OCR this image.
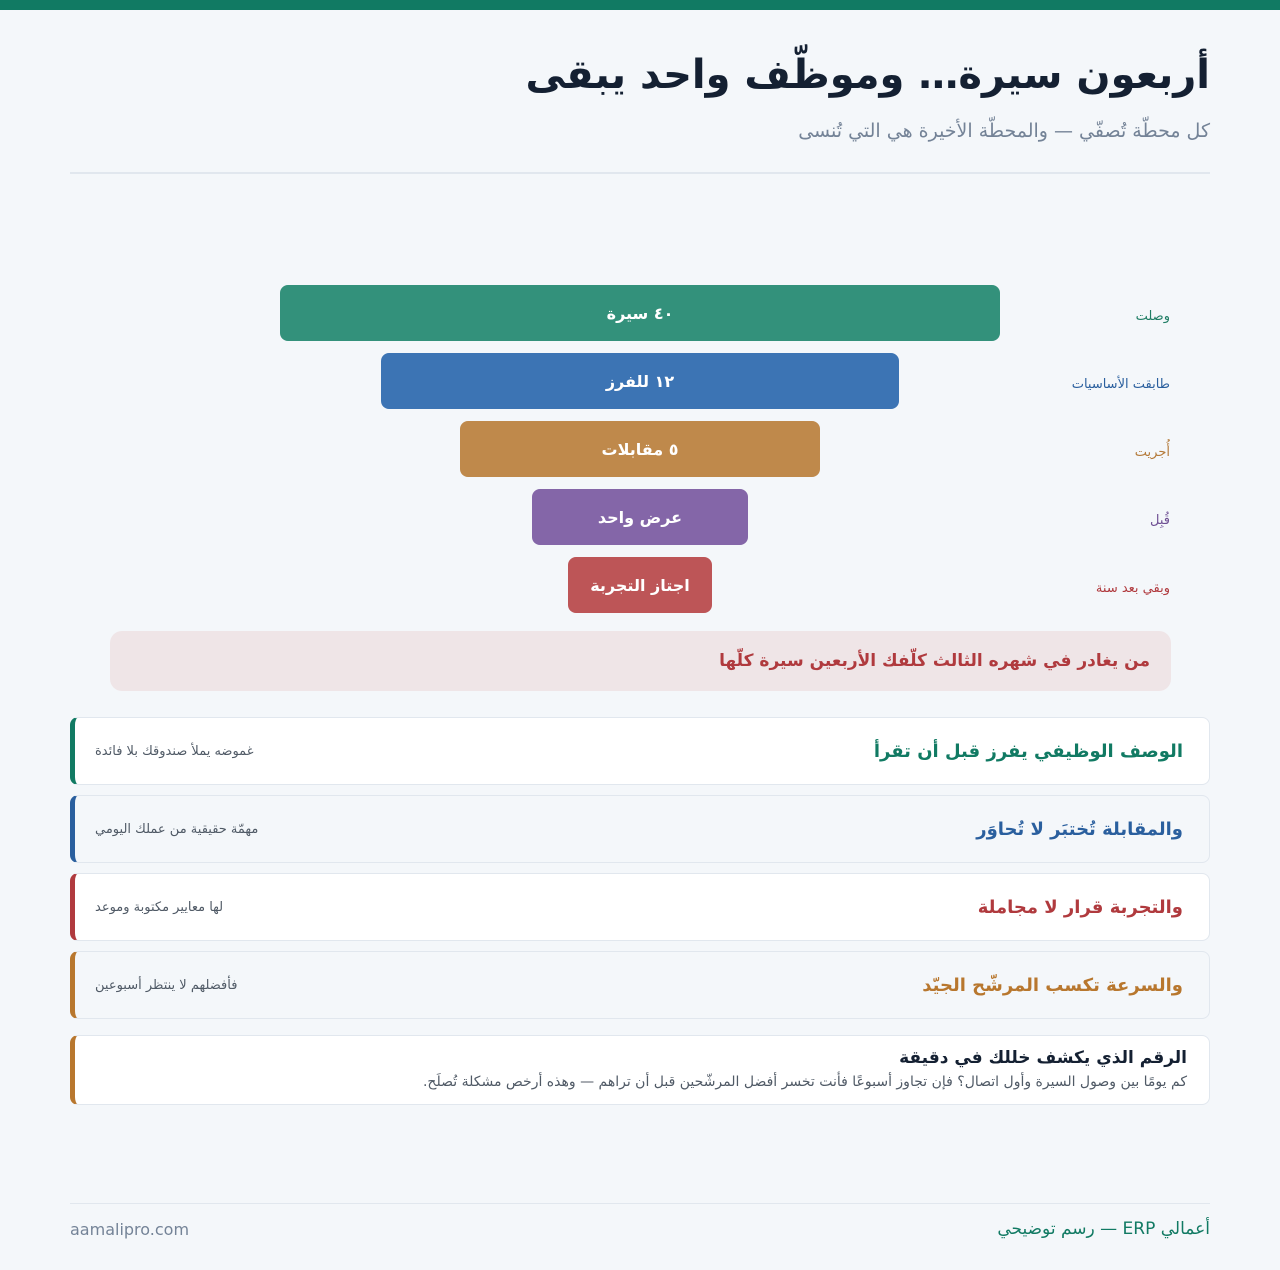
أربعون سيرة… وموظّف واحد يبقى
كل محطّة تُصفّي — والمحطّة الأخيرة هي التي تُنسى
٤٠ سيرة	وصلت
١٢ للفرز	طابقت الأساسيات
٥ مقابلات	أُجريت
عرض واحد	قُبِل
اجتاز التجربة	وبقي بعد سنة
من يغادر في شهره الثالث كلّفك الأربعين سيرة كلّها
الوصف الوظيفي يفرز قبل أن تقرأ
غموضه يملأ صندوقك بلا فائدة
والمقابلة تُختبَر لا تُحاوَر
مهمّة حقيقية من عملك اليومي
والتجربة قرار لا مجاملة
لها معايير مكتوبة وموعد
والسرعة تكسب المرشّح الجيّد
فأفضلهم لا ينتظر أسبوعين
الرقم الذي يكشف خللك في دقيقة
كم يومًا بين وصول السيرة وأول اتصال؟ فإن تجاوز أسبوعًا فأنت تخسر أفضل المرشّحين قبل أن تراهم — وهذه أرخص مشكلة تُصلَح.
أعمالي ERP — رسم توضيحي
aamalipro.com
